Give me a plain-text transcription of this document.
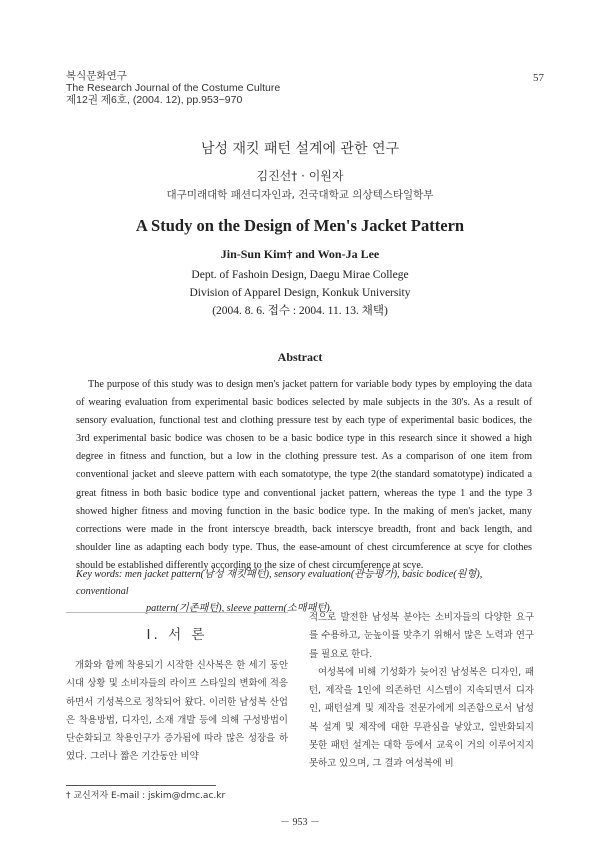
복식문화연구
The Research Journal of the Costume Culture
제12권 제6호, (2004. 12), pp.953~970
57
남성 재킷 패턴 설계에 관한 연구
김진선† · 이원자
대구미래대학 패션디자인과, 건국대학교 의상텍스타일학부
A Study on the Design of Men's Jacket Pattern
Jin-Sun Kim† and Won-Ja Lee
Dept. of Fashoin Design, Daegu Mirae College
Division of Apparel Design, Konkuk University
(2004. 8. 6. 접수 : 2004. 11. 13. 채택)
Abstract
The purpose of this study was to design men's jacket pattern for variable body types by employing the data of wearing evaluation from experimental basic bodices selected by male subjects in the 30's. As a result of sensory evaluation, functional test and clothing pressure test by each type of experimental basic bodices, the 3rd experimental basic bodice was chosen to be a basic bodice type in this research since it showed a high degree in fitness and function, but a low in the clothing pressure test. As a comparison of one item from conventional jacket and sleeve pattern with each somatotype, the type 2(the standard somatotype) indicated a great fitness in both basic bodice type and conventional jacket pattern, whereas the type 1 and the type 3 showed higher fitness and moving function in the basic bodice type. In the making of men's jacket, many corrections were made in the front interscye breadth, back interscye breadth, front and back length, and shoulder line as adapting each body type. Thus, the ease-amount of chest circumference at scye for clothes should be established differently according to the size of chest circumference at scye.
Key words: men jacket pattern(남성 재킷패턴), sensory evaluation(관능평가), basic bodice(원형), conventional
pattern(기존패턴), sleeve pattern(소매패턴).
Ⅰ. 서 론

개화와 함께 착용되기 시작한 신사복은 한 세기 동안 시대 상황 및 소비자들의 라이프 스타일의 변화에 적응하면서 기성복으로 정착되어 왔다. 이러한 남성복 산업은 착용방법, 디자인, 소재 개발 등에 의해 구성방법이 단순화되고 착용인구가 증가됨에 따라 많은 성장을 하였다. 그러나 짧은 기간동안 비약

적으로 발전한 남성복 분야는 소비자들의 다양한 요구를 수용하고, 눈높이를 맞추기 위해서 많은 노력과 연구를 필요로 한다.

여성복에 비해 기성화가 늦어진 남성복은 디자인, 패턴, 제작을 1인에 의존하던 시스템이 지속되면서 디자인, 패턴설계 및 제작을 전문가에게 의존함으로서 남성복 설계 및 제작에 대한 무관심을 낳았고, 일반화되지 못한 패턴 설계는 대학 등에서 교육이 거의 이루어지지 못하고 있으며, 그 결과 여성복에 비

† 교신저자 E-mail : jskim@dmc.ac.kr
－ 953 －
